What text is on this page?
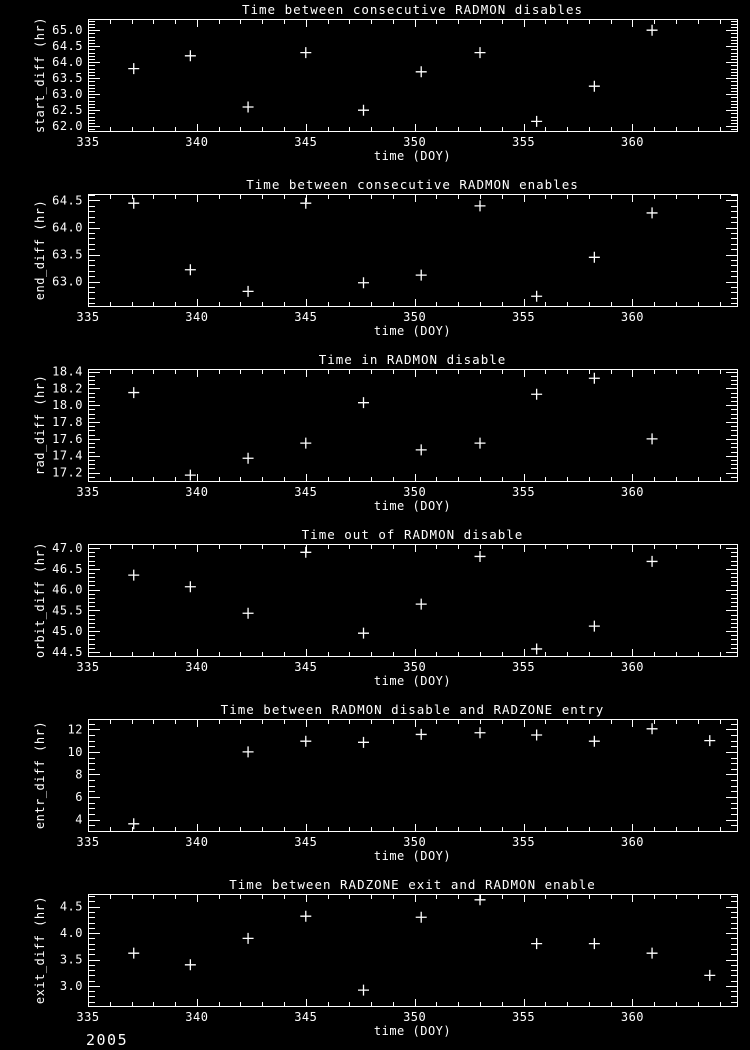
Time between consecutive RADMON disables
335	340	345	350	355	360
62.0
62.5
63.0
63.5
64.0
64.5
65.0
time (DOY)
start_diff (hr)
Time between consecutive RADMON enables
335	340	345	350	355	360
63.0
63.5
64.0
64.5
time (DOY)
end_diff (hr)
Time in RADMON disable
335	340	345	350	355	360
17.2
17.4
17.6
17.8
18.0
18.2
18.4
time (DOY)
rad_diff (hr)
Time out of RADMON disable
335	340	345	350	355	360
44.5
45.0
45.5
46.0
46.5
47.0
time (DOY)
orbit_diff (hr)
Time between RADMON disable and RADZONE entry
335	340	345	350	355	360
4
6
8
10
12
time (DOY)
entr_diff (hr)
Time between RADZONE exit and RADMON enable
335	340	345	350	355	360
3.0
3.5
4.0
4.5
time (DOY)
exit_diff (hr)
2005
